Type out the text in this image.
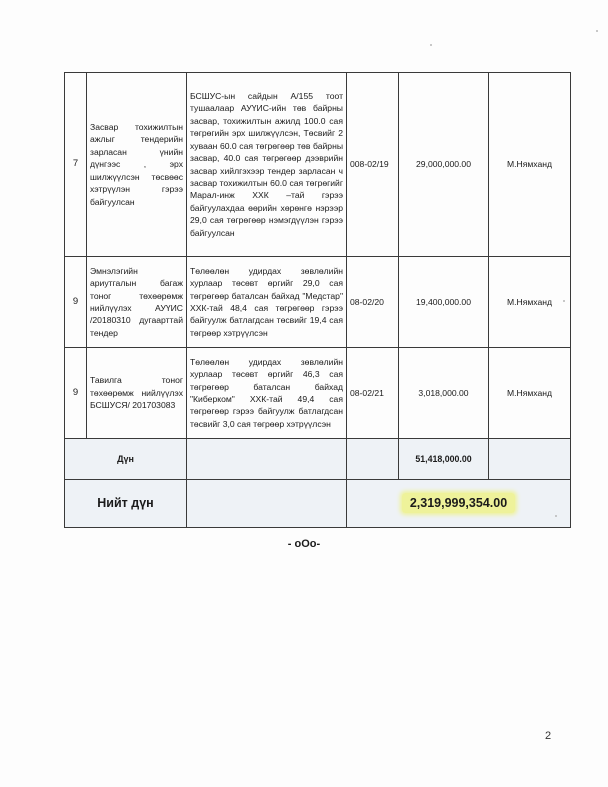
7	Засвар тохижилтын ажлыг тендерийн зарласан үнийн дүнгээс , эрх шилжүүлсэн төсвөөс хэтрүүлэн гэрээ байгуулсан	БСШУС-ын сайдын А/155 тоот тушаалаар АУҮИС-ийн төв байрны засвар, тохижилтын ажилд 100.0 сая төгрөгийн эрх шилжүүлсэн, Төсвийг 2 хуваан 60.0 сая төгрөгөөр төв байрны засвар, 40.0 сая төгрөгөөр дээврийн засвар хийлгэхээр тендер зарласан ч засвар тохижилтын 60.0 сая төгрөгийг Марал-инж ХХК –тай гэрээ байгуулахдаа өөрийн хөрөнгө нэрээр 29,0 сая төгрөгөөр нэмэгдүүлэн гэрээ байгуулсан	008-02/19	29,000,000.00	М.Нямханд
9	Эмнэлэгийн ариутгалын багаж тоног төхөөрөмж нийлүүлэх АУҮИС /20180310 дугаарттай тендер	Төлөөлөн удирдах зөвлөлийн хурлаар төсөвт өргийг 29,0 сая төгрөгөөр баталсан байхад "Медстар" ХХК-тай 48,4 сая төгрөгөөр гэрээ байгуулж батлагдсан төсвийг 19,4 сая төгрөөр хэтрүүлсэн	08-02/20	19,400,000.00	М.Нямханд
9	Тавилга тоног төхөөрөмж нийлүүлэх БСШУСЯ/ 201703083	Төлөөлөн удирдах зөвлөлийн хурлаар төсөвт өргийг 46,3 сая төгрөгөөр баталсан байхад "Киберком" ХХК-тай 49,4 сая төгрөгөөр гэрээ байгуулж батлагдсан төсвийг 3,0 сая төгрөөр хэтрүүлсэн	08-02/21	3,018,000.00	М.Нямханд
Дүн				51,418,000.00	
Нийт дүн			2,319,999,354.00		
- oOo-
2
